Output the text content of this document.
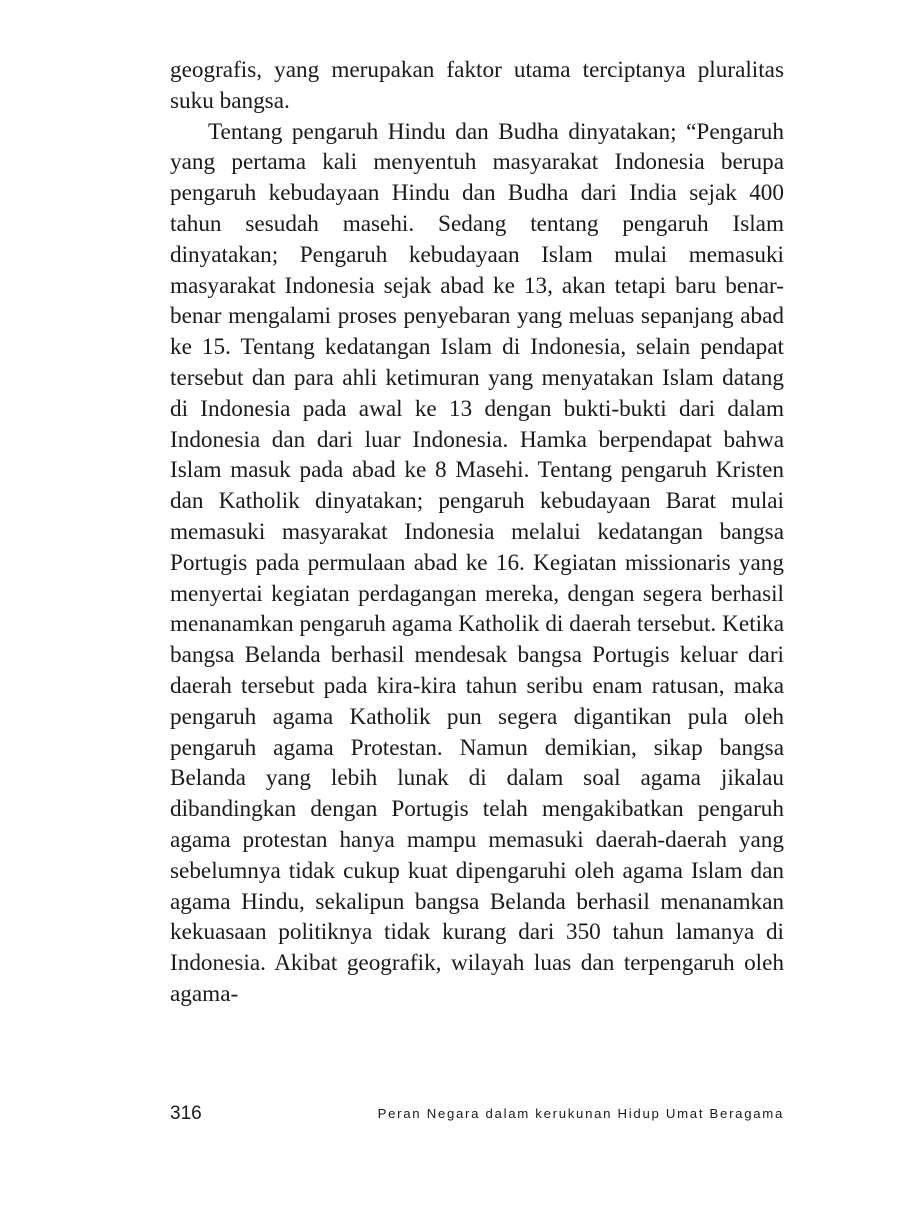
geografis, yang merupakan faktor utama terciptanya pluralitas suku bangsa.

Tentang pengaruh Hindu dan Budha dinyatakan; “Pengaruh yang pertama kali menyentuh masyarakat Indonesia berupa pengaruh kebudayaan Hindu dan Budha dari India sejak 400 tahun sesudah masehi. Sedang tentang pengaruh Islam dinyatakan; Pengaruh kebudayaan Islam mulai memasuki masyarakat Indonesia sejak abad ke 13, akan tetapi baru benar-benar mengalami proses penyebaran yang meluas sepanjang abad ke 15. Tentang kedatangan Islam di Indonesia, selain pendapat tersebut dan para ahli ketimuran yang menyatakan Islam datang di Indonesia pada awal ke 13 dengan bukti-bukti dari dalam Indonesia dan dari luar Indonesia. Hamka berpendapat bahwa Islam masuk pada abad ke 8 Masehi. Tentang pengaruh Kristen dan Katholik dinyatakan; pengaruh kebudayaan Barat mulai memasuki masyarakat Indonesia melalui kedatangan bangsa Portugis pada permulaan abad ke 16. Kegiatan missionaris yang menyertai kegiatan perdagangan mereka, dengan segera berhasil menanamkan pengaruh agama Katholik di daerah tersebut. Ketika bangsa Belanda berhasil mendesak bangsa Portugis keluar dari daerah tersebut pada kira-kira tahun seribu enam ratusan, maka pengaruh agama Katholik pun segera digantikan pula oleh pengaruh agama Protestan. Namun demikian, sikap bangsa Belanda yang lebih lunak di dalam soal agama jikalau dibandingkan dengan Portugis telah mengakibatkan pengaruh agama protestan hanya mampu memasuki daerah-daerah yang sebelumnya tidak cukup kuat dipengaruhi oleh agama Islam dan agama Hindu, sekalipun bangsa Belanda berhasil menanamkan kekuasaan politiknya tidak kurang dari 350 tahun lamanya di Indonesia. Akibat geografik, wilayah luas dan terpengaruh oleh agama-

316	Peran Negara dalam kerukunan Hidup Umat Beragama
